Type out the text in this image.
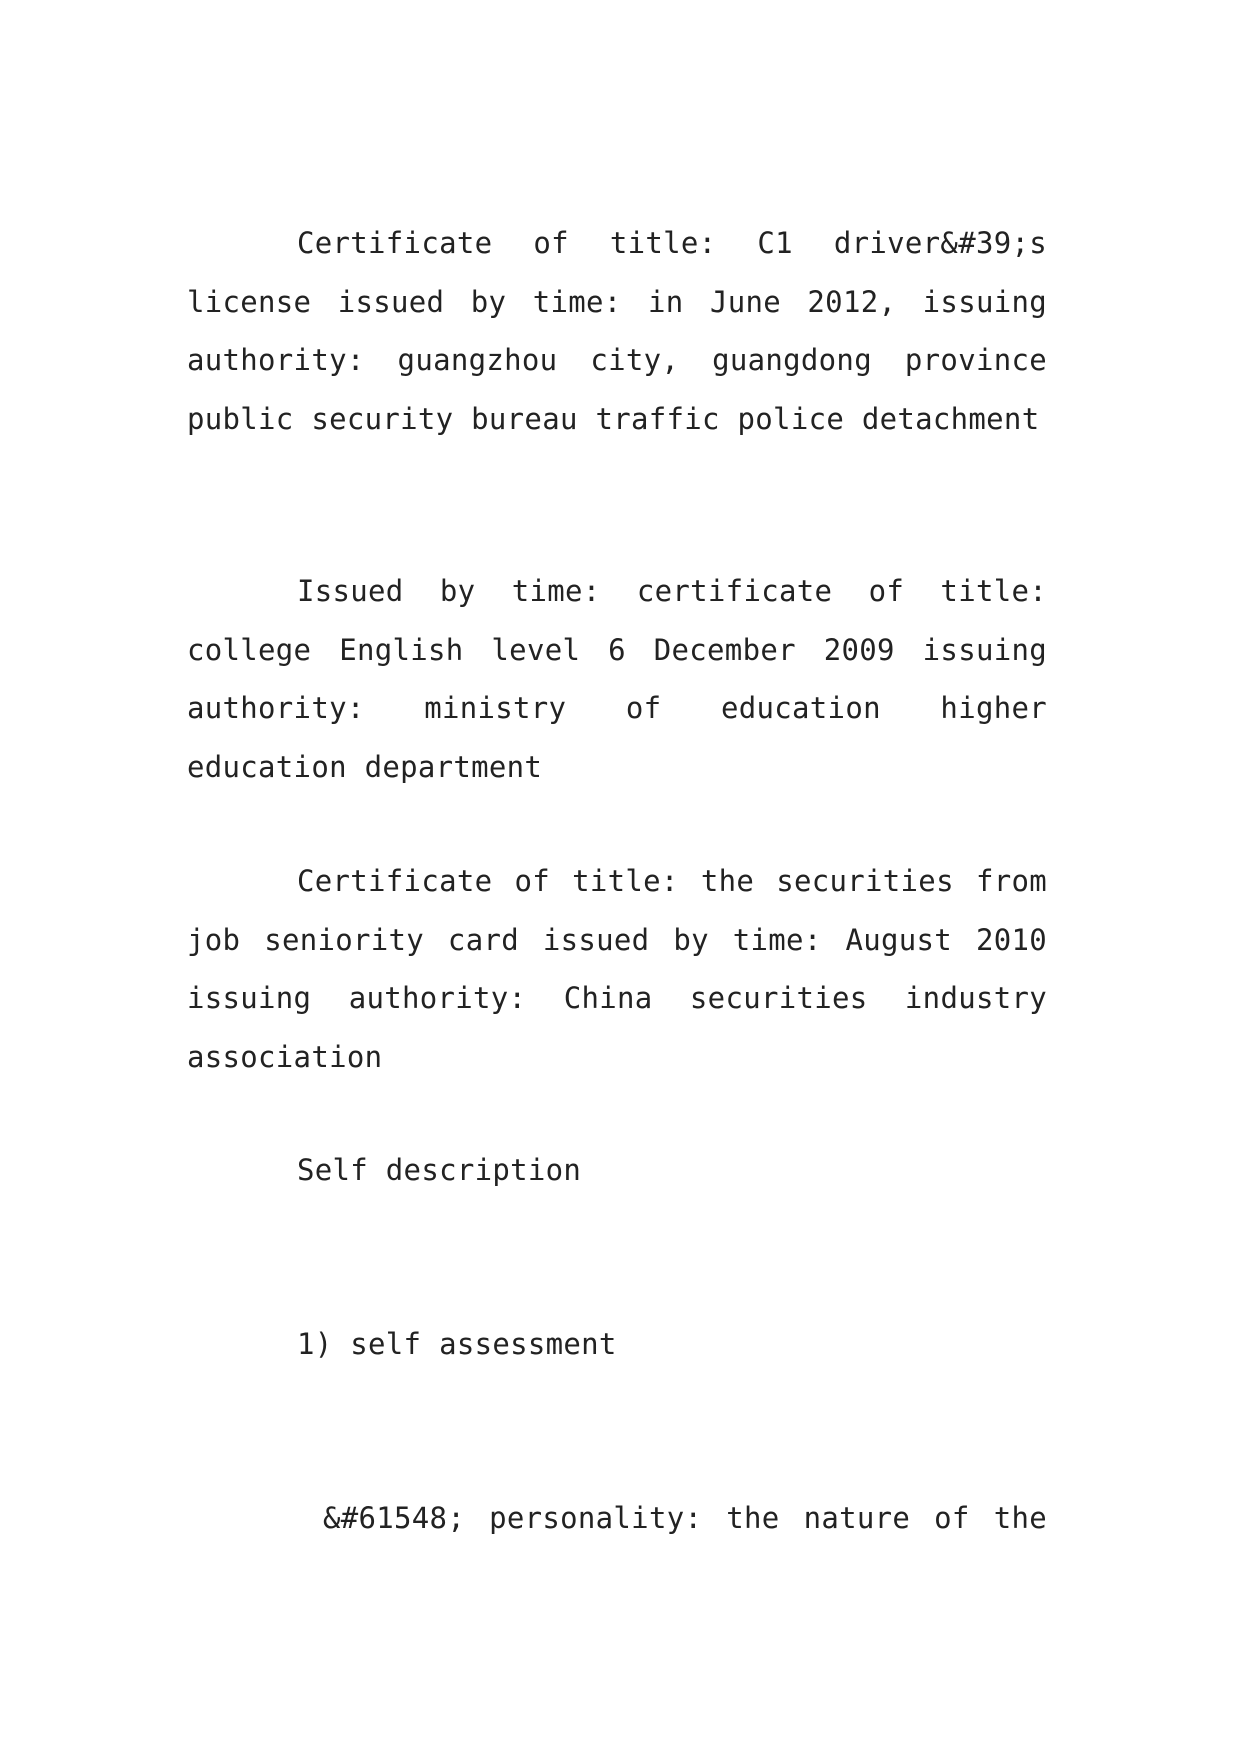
Certificate of title: C1 driver&#39;s license issued by time: in June 2012, issuing authority: guangzhou city, guangdong province public security bureau traffic police detachment

Issued by time: certificate of title: college English level 6 December 2009 issuing authority: ministry of education higher education department

Certificate of title: the securities from job seniority card issued by time: August 2010 issuing authority: China securities industry association

Self description

1) self assessment

&#61548; personality: the nature of the
